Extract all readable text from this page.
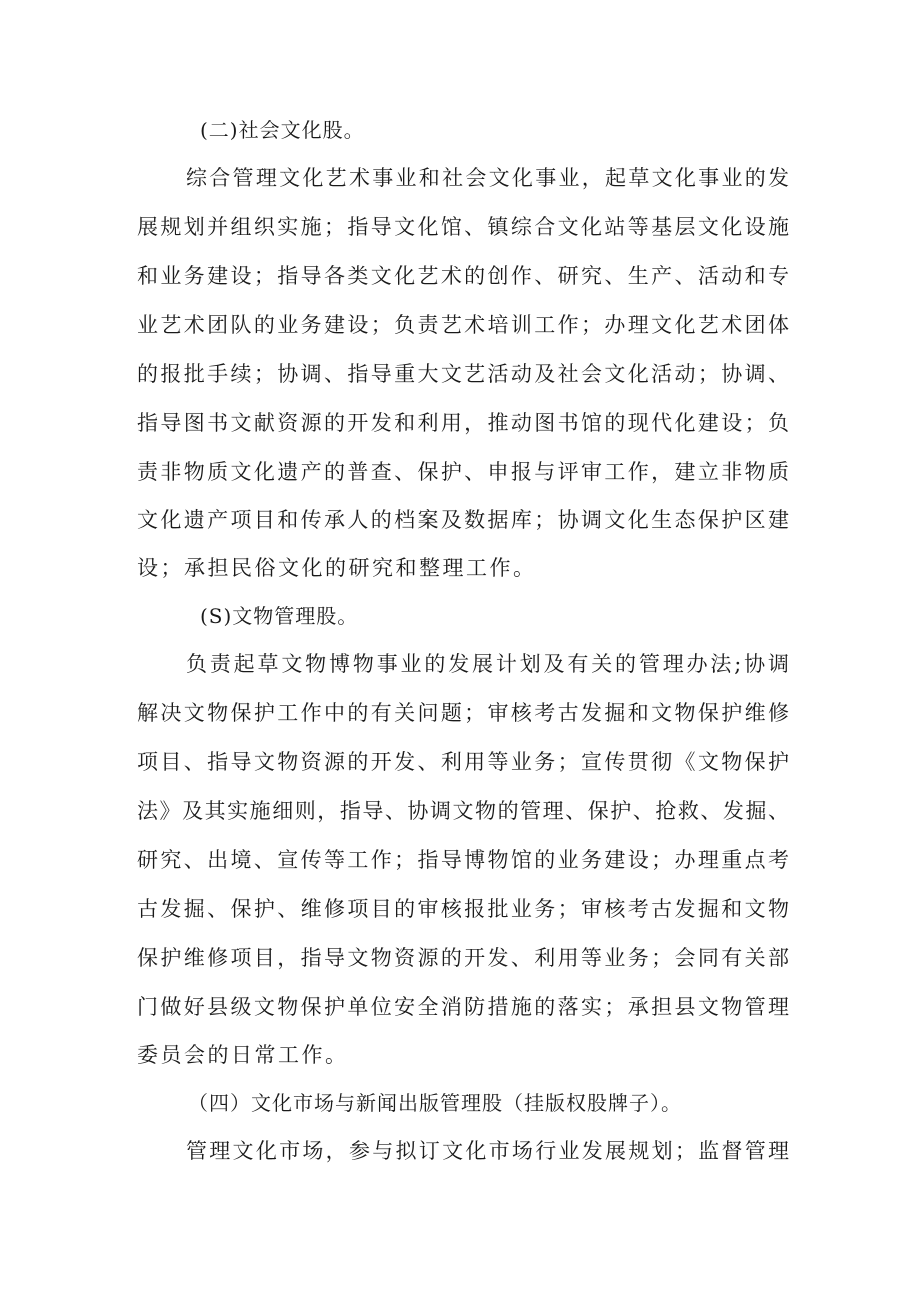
(二)社会文化股。
综合管理文化艺术事业和社会文化事业，起草文化事业的发
展规划并组织实施；指导文化馆、镇综合文化站等基层文化设施
和业务建设；指导各类文化艺术的创作、研究、生产、活动和专
业艺术团队的业务建设；负责艺术培训工作；办理文化艺术团体
的报批手续；协调、指导重大文艺活动及社会文化活动；协调、
指导图书文献资源的开发和利用，推动图书馆的现代化建设；负
责非物质文化遗产的普查、保护、申报与评审工作，建立非物质
文化遗产项目和传承人的档案及数据库；协调文化生态保护区建
设；承担民俗文化的研究和整理工作。
(S)文物管理股。
负责起草文物博物事业的发展计划及有关的管理办法;协调
解决文物保护工作中的有关问题；审核考古发掘和文物保护维修
项目、指导文物资源的开发、利用等业务；宣传贯彻《文物保护
法》及其实施细则，指导、协调文物的管理、保护、抢救、发掘、
研究、出境、宣传等工作；指导博物馆的业务建设；办理重点考
古发掘、保护、维修项目的审核报批业务；审核考古发掘和文物
保护维修项目，指导文物资源的开发、利用等业务；会同有关部
门做好县级文物保护单位安全消防措施的落实；承担县文物管理
委员会的日常工作。
（四）文化市场与新闻出版管理股（挂版权股牌子）。
管理文化市场，参与拟订文化市场行业发展规划；监督管理
